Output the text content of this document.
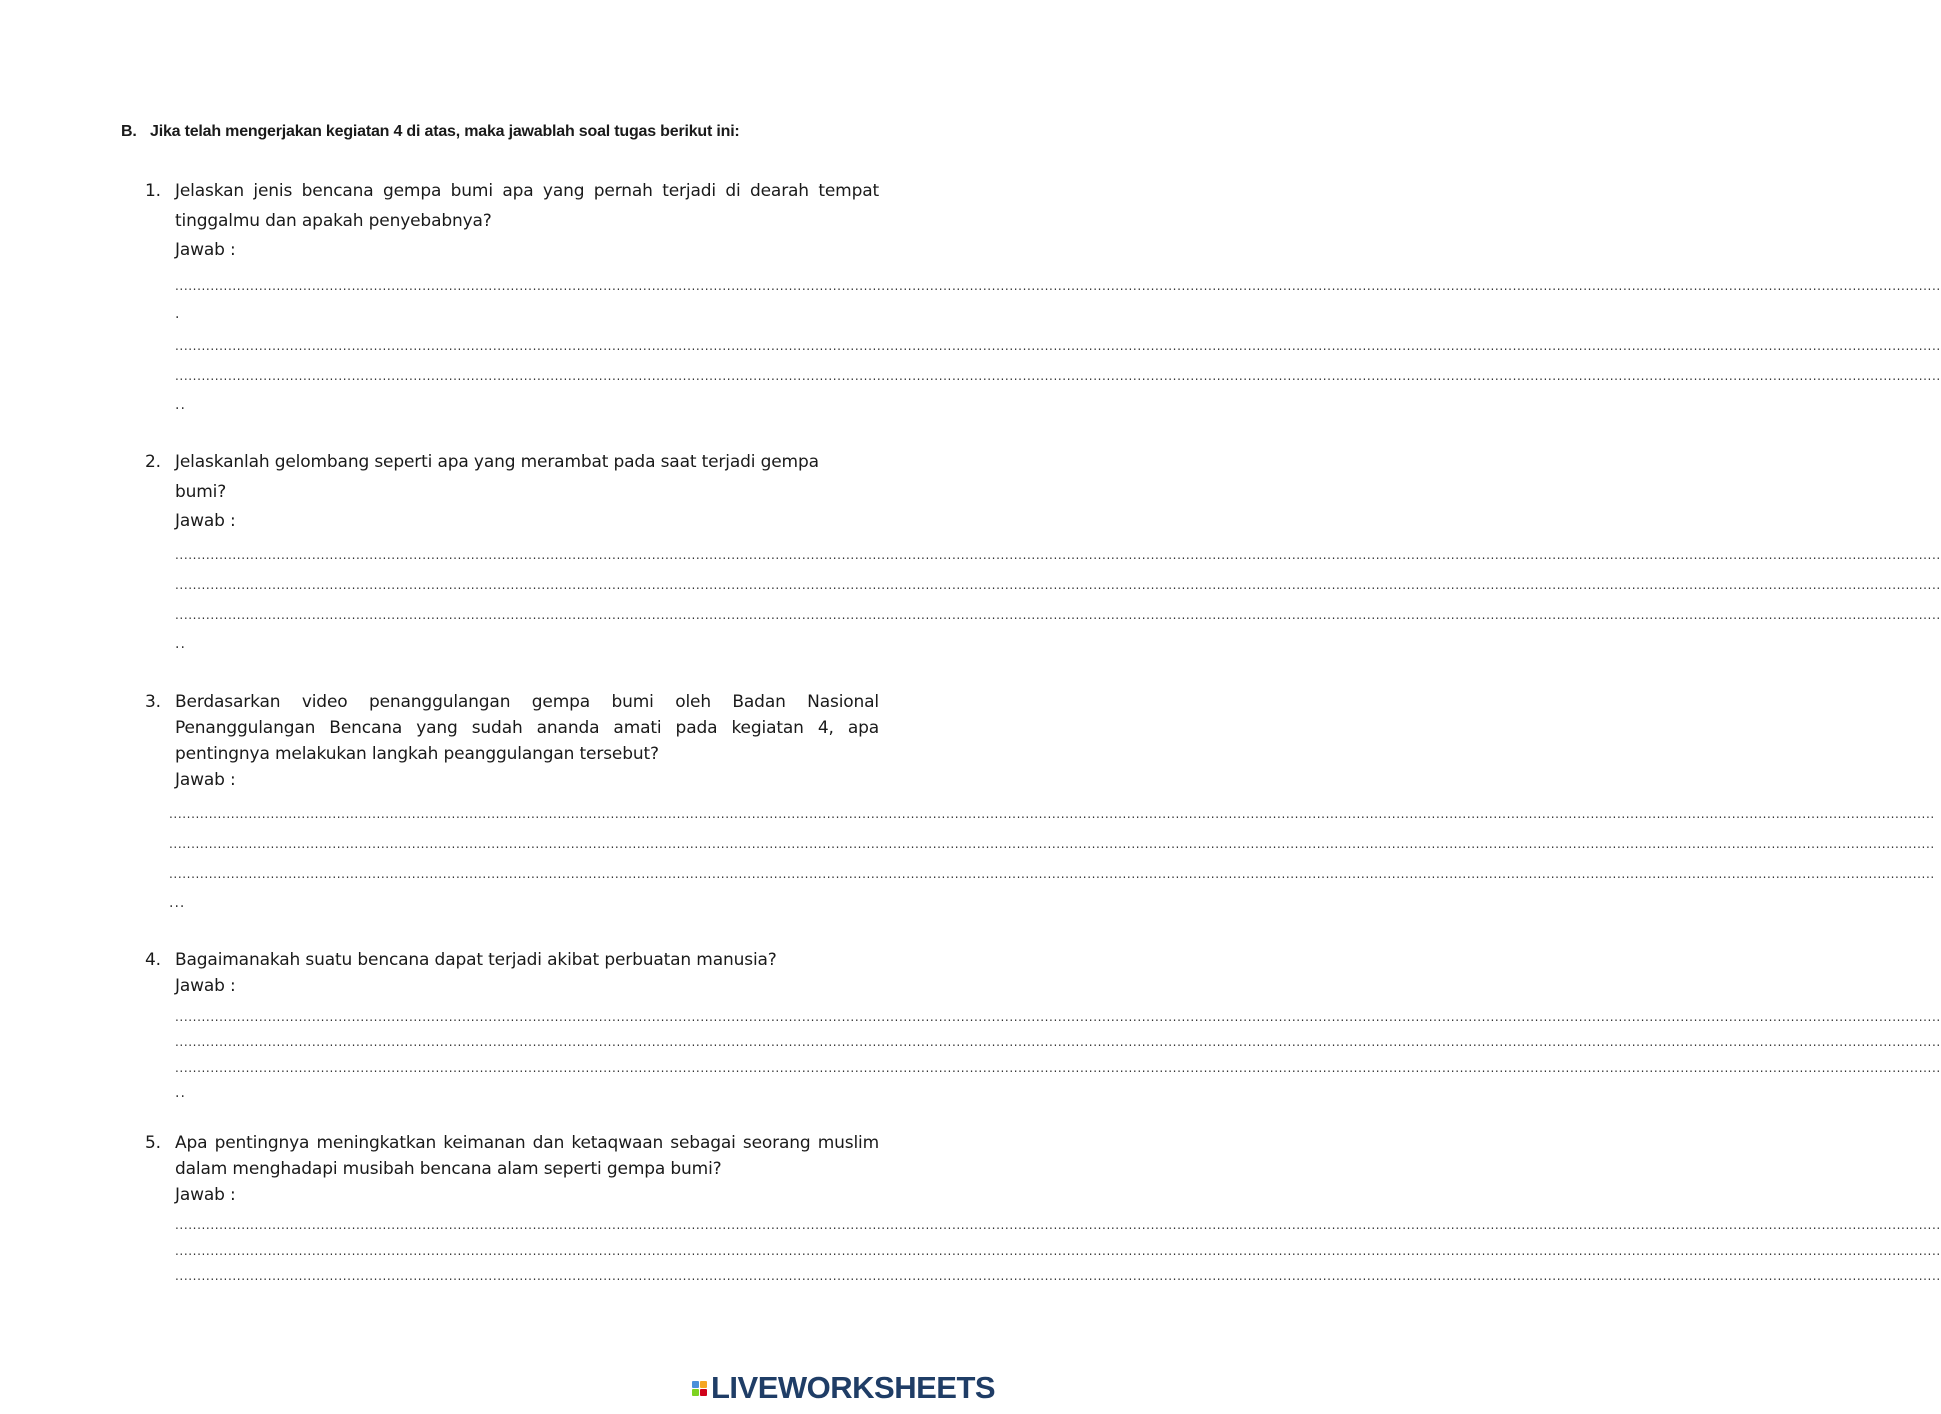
B. Jika telah mengerjakan kegiatan 4 di atas, maka jawablah soal tugas berikut ini:
1. Jelaskan jenis bencana gempa bumi apa yang pernah terjadi di dearah tempat
tinggalmu dan apakah penyebabnya?
Jawab :
................................................................................................................................................................................................................................................................................................................................................................................................................
.
................................................................................................................................................................................................................................................................................................................................................................................................................
................................................................................................................................................................................................................................................................................................................................................................................................................
..
2. Jelaskanlah gelombang seperti apa yang merambat pada saat terjadi gempa
bumi?
Jawab :
................................................................................................................................................................................................................................................................................................................................................................................................................
................................................................................................................................................................................................................................................................................................................................................................................................................
................................................................................................................................................................................................................................................................................................................................................................................................................
..
3. Berdasarkan video penanggulangan gempa bumi oleh Badan Nasional
Penanggulangan Bencana yang sudah ananda amati pada kegiatan 4, apa
pentingnya melakukan langkah peanggulangan tersebut?
Jawab :
................................................................................................................................................................................................................................................................................................................................................................................................................
................................................................................................................................................................................................................................................................................................................................................................................................................
................................................................................................................................................................................................................................................................................................................................................................................................................
...
4. Bagaimanakah suatu bencana dapat terjadi akibat perbuatan manusia?
Jawab :
................................................................................................................................................................................................................................................................................................................................................................................................................
................................................................................................................................................................................................................................................................................................................................................................................................................
................................................................................................................................................................................................................................................................................................................................................................................................................
..
5. Apa pentingnya meningkatkan keimanan dan ketaqwaan sebagai seorang muslim
dalam menghadapi musibah bencana alam seperti gempa bumi?
Jawab :
................................................................................................................................................................................................................................................................................................................................................................................................................
................................................................................................................................................................................................................................................................................................................................................................................................................
................................................................................................................................................................................................................................................................................................................................................................................................................
LIVEWORKSHEETS
